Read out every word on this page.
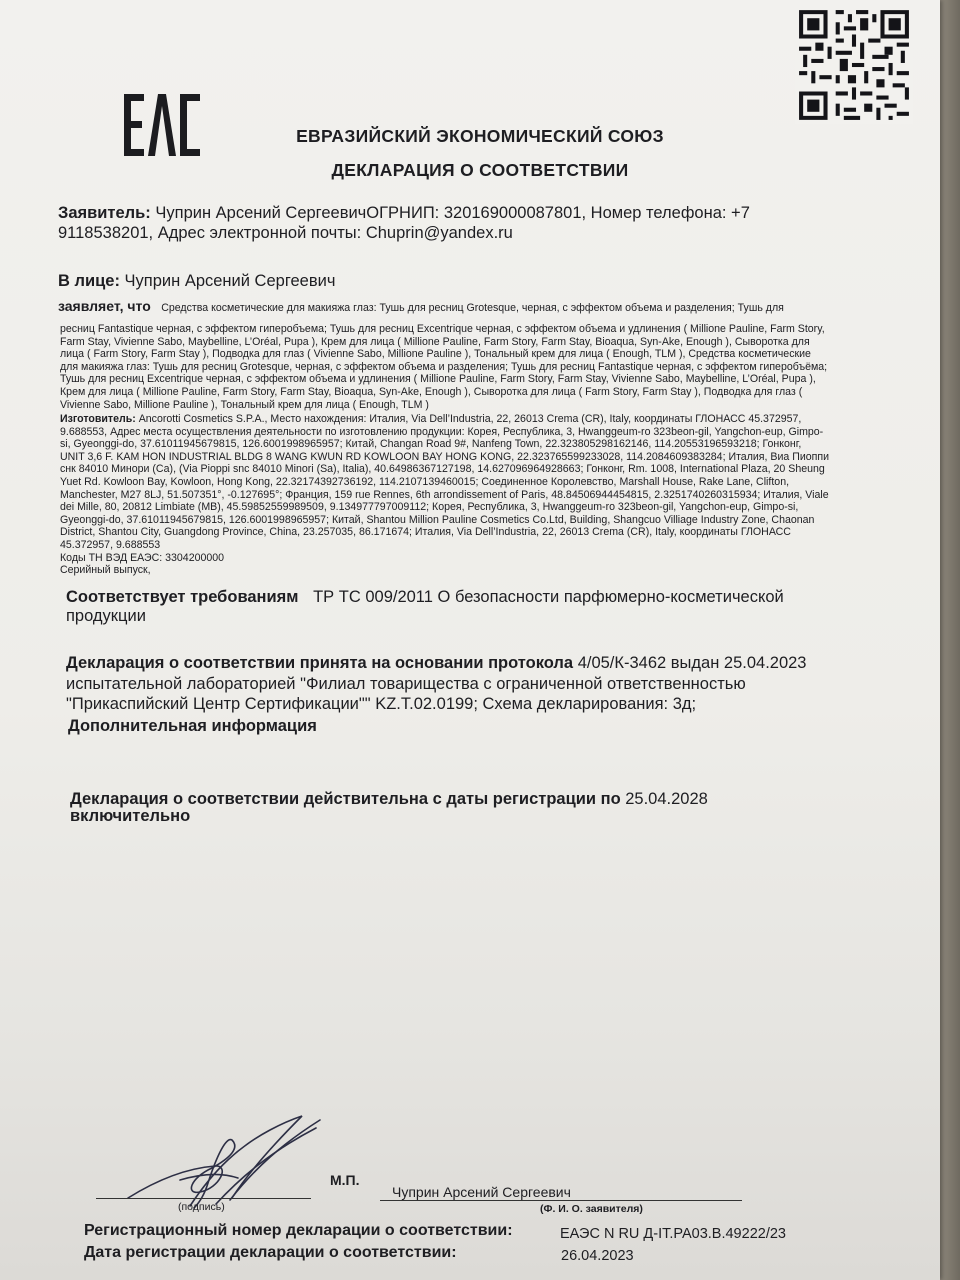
ЕВРАЗИЙСКИЙ ЭКОНОМИЧЕСКИЙ СОЮЗ
ДЕКЛАРАЦИЯ О СООТВЕТСТВИИ
Заявитель: Чуприн Арсений СергеевичОГРНИП: 320169000087801, Номер телефона: +7
9118538201, Адрес электронной почты: Chuprin@yandex.ru
В лице: Чуприн Арсений Сергеевич
заявляет, что Средства косметические для макияжа глаз: Тушь для ресниц Grotesque, черная, с эффектом объема и разделения; Тушь для
ресниц Fantastique черная, с эффектом гиперобъема; Тушь для ресниц Excentrique черная, с эффектом объема и удлинения ( Millione Pauline, Farm Story,
Farm Stay, Vivienne Sabo, Maybelline, L’Oréal, Pupa ), Крем для лица ( Millione Pauline, Farm Story, Farm Stay, Bioaqua, Syn-Ake, Enough ), Сыворотка для
лица ( Farm Story, Farm Stay ), Подводка для глаз ( Vivienne Sabo, Millione Pauline ), Тональный крем для лица ( Enough, TLM ), Средства косметические
для макияжа глаз: Тушь для ресниц Grotesque, черная, с эффектом объема и разделения; Тушь для ресниц Fantastique черная, с эффектом гиперобъёма;
Тушь для ресниц Excentrique черная, с эффектом объема и удлинения ( Millione Pauline, Farm Story, Farm Stay, Vivienne Sabo, Maybelline, L’Oréal, Pupa ),
Крем для лица ( Millione Pauline, Farm Story, Farm Stay, Bioaqua, Syn-Ake, Enough ), Сыворотка для лица ( Farm Story, Farm Stay ), Подводка для глаз (
Vivienne Sabo, Millione Pauline ), Тональный крем для лица ( Enough, TLM )
Изготовитель: Ancorotti Cosmetics S.P.A., Место нахождения: Италия, Via Dell’Industria, 22, 26013 Crema (CR), Italy, координаты ГЛОНАСС 45.372957,
9.688553, Адрес места осуществления деятельности по изготовлению продукции: Корея, Республика, 3, Hwanggeum-ro 323beon-gil, Yangchon-eup, Gimpo-
si, Gyeonggi-do, 37.61011945679815, 126.6001998965957; Китай, Changan Road 9#, Nanfeng Town, 22.323805298162146, 114.20553196593218; Гонконг,
UNIT 3,6 F. KAM HON INDUSTRIAL BLDG 8 WANG KWUN RD KOWLOON BAY HONG KONG, 22.323765599233028, 114.2084609383284; Италия, Виа Пиоппи
снк 84010 Минори (Са), (Via Pioppi snc 84010 Minori (Sa), Italia), 40.64986367127198, 14.627096964928663; Гонконг, Rm. 1008, International Plaza, 20 Sheung
Yuet Rd. Kowloon Bay, Kowloon, Hong Kong, 22.32174392736192, 114.2107139460015; Соединенное Королевство, Marshall House, Rake Lane, Clifton,
Manchester, M27 8LJ, 51.507351°, -0.127695°; Франция, 159 rue Rennes, 6th arrondissement of Paris, 48.84506944454815, 2.3251740260315934; Италия, Viale
dei Mille, 80, 20812 Limbiate (MB), 45.59852559989509, 9.134977797009112; Корея, Республика, 3, Hwanggeum-ro 323beon-gil, Yangchon-eup, Gimpo-si,
Gyeonggi-do, 37.61011945679815, 126.6001998965957; Китай, Shantou Million Pauline Cosmetics Co.Ltd, Building, Shangcuo Villiage Industry Zone, Chaonan
District, Shantou City, Guangdong Province, China, 23.257035, 86.171674; Италия, Via Dell’Industria, 22, 26013 Crema (CR), Italy, координаты ГЛОНАСС
45.372957, 9.688553
Коды ТН ВЭД ЕАЭС: 3304200000
Серийный выпуск,
Соответствует требованиям ТР ТС 009/2011 О безопасности парфюмерно-косметической
продукции
Декларация о соответствии принята на основании протокола 4/05/К-3462 выдан 25.04.2023
испытательной лабораторией "Филиал товарищества с ограниченной ответственностью
"Прикаспийский Центр Сертификации"" KZ.T.02.0199; Схема декларирования: 3д;
Дополнительная информация
Декларация о соответствии действительна с даты регистрации по 25.04.2028
включительно
(подпись)
М.П.
Чуприн Арсений Сергеевич
(Ф. И. О. заявителя)
Регистрационный номер декларации о соответствии:	ЕАЭС N RU Д-IT.PA03.B.49222/23
Дата регистрации декларации о соответствии:	26.04.2023
